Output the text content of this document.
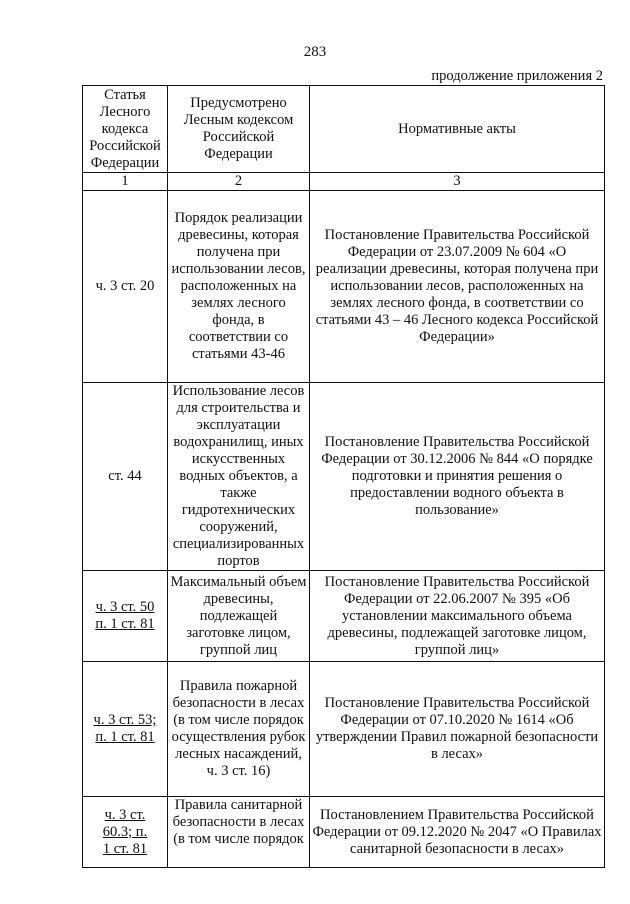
283
продолжение приложения 2
Статья Лесного кодекса Российской Федерации	Предусмотрено Лесным кодексом Российской Федерации	Нормативные акты
1	2	3
ч. 3 ст. 20	Порядок реализации древесины, которая получена при использовании лесов, расположенных на землях лесного фонда, в соответствии со статьями 43-46	Постановление Правительства Российской Федерации от 23.07.2009 № 604 «О реализации древесины, которая получена при использовании лесов, расположенных на землях лесного фонда, в соответствии со статьями 43 – 46 Лесного кодекса Российской Федерации»
ст. 44	Использование лесов для строительства и эксплуатации водохранилищ, иных искусственных водных объектов, а также гидротехнических сооружений, специализированных портов	Постановление Правительства Российской Федерации от 30.12.2006 № 844 «О порядке подготовки и принятия решения о предоставлении водного объекта в пользование»
ч. 3 ст. 50 п. 1 ст. 81	Максимальный объем древесины, подлежащей заготовке лицом, группой лиц	Постановление Правительства Российской Федерации от 22.06.2007 № 395 «Об установлении максимального объема древесины, подлежащей заготовке лицом, группой лиц»
ч. 3 ст. 53; п. 1 ст. 81	Правила пожарной безопасности в лесах (в том числе порядок осуществления рубок лесных насаждений, ч. 3 ст. 16)	Постановление Правительства Российской Федерации от 07.10.2020 № 1614 «Об утверждении Правил пожарной безопасности в лесах»
ч. 3 ст. 60.3; п. 1 ст. 81	Правила санитарной безопасности в лесах (в том числе порядок	Постановлением Правительства Российской Федерации от 09.12.2020 № 2047 «О Правилах санитарной безопасности в лесах»
